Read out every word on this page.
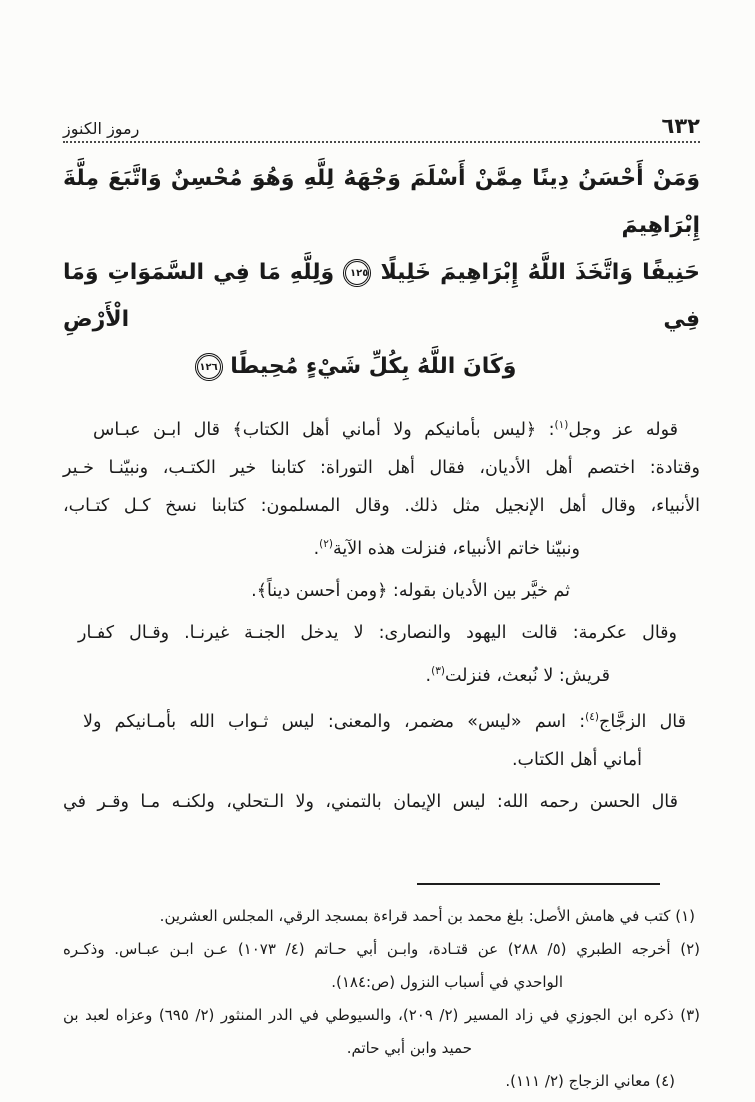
٦٣٢
رموز الكنوز
وَمَنْ أَحْسَنُ دِينًا مِمَّنْ أَسْلَمَ وَجْهَهُ لِلَّهِ وَهُوَ مُحْسِنٌ وَاتَّبَعَ مِلَّةَ إِبْرَاهِيمَ
حَنِيفًا وَاتَّخَذَ اللَّهُ إِبْرَاهِيمَ خَلِيلًا ١٢٥ وَلِلَّهِ مَا فِي السَّمَوَاتِ وَمَا فِي الْأَرْضِ
وَكَانَ اللَّهُ بِكُلِّ شَيْءٍ مُحِيطًا ١٢٦
قوله عز وجل$^{(١)}$: ﴿ليس بأمانيكم ولا أماني أهل الكتاب﴾ قال ابـن عبـاس
وقتادة: اختصم أهل الأديان، فقال أهل التوراة: كتابنا خير الكتـب، ونبيّنـا خـير
الأنبياء، وقال أهل الإنجيل مثل ذلك. وقال المسلمون: كتابنا نسخ كـل كتـاب،
ونبيّنا خاتم الأنبياء، فنزلت هذه الآية$^{(٢)}$.
ثم خيَّر بين الأديان بقوله: ﴿ومن أحسن ديناً﴾.
وقال عكرمة: قالت اليهود والنصارى: لا يدخل الجنـة غيرنـا. وقـال كفـار
قريش: لا نُبعث، فنزلت$^{(٣)}$.
قال الزجَّاج$^{(٤)}$: اسم «ليس» مضمر، والمعنى: ليس ثـواب الله بأمـانيكم ولا
أماني أهل الكتاب.
قال الحسن رحمه الله: ليس الإيمان بالتمني، ولا الـتحلي، ولكنـه مـا وقـر في
(١) كتب في هامش الأصل: بلغ محمد بن أحمد قراءة بمسجد الرقي، المجلس العشرين.
(٢) أخرجه الطبري (٥/ ٢٨٨) عن قتـادة، وابـن أبي حـاتم (٤/ ١٠٧٣) عـن ابـن عبـاس. وذكـره
الواحدي في أسباب النزول (ص:١٨٤).
(٣) ذكره ابن الجوزي في زاد المسير (٢/ ٢٠٩)، والسيوطي في الدر المنثور (٢/ ٦٩٥) وعزاه لعبد بن
حميد وابن أبي حاتم.
(٤) معاني الزجاج (٢/ ١١١).
